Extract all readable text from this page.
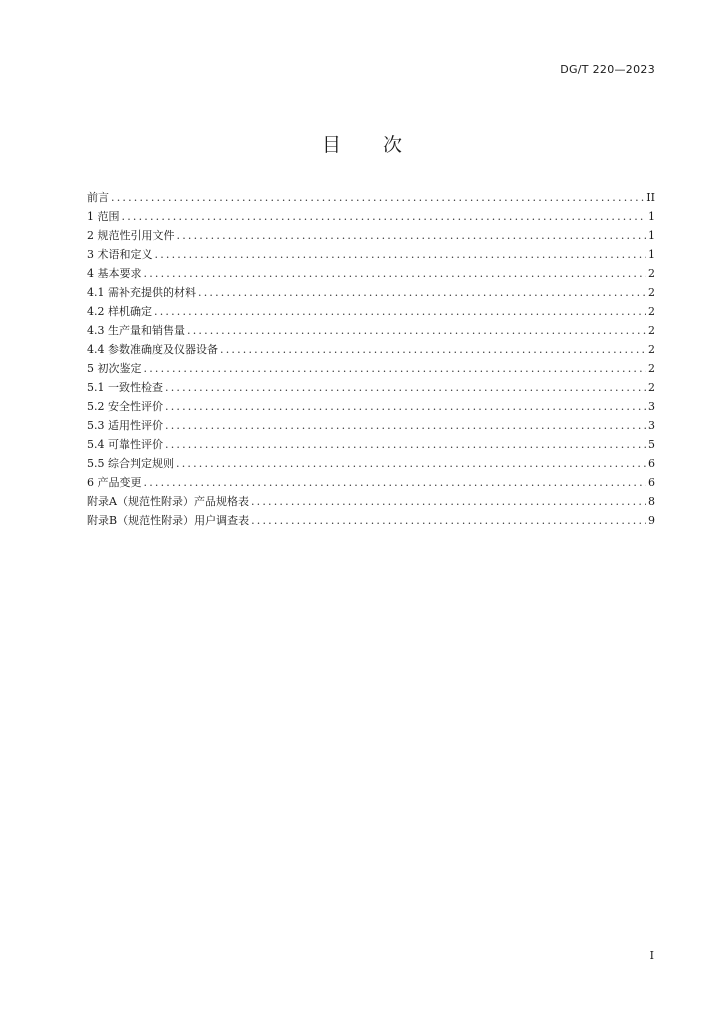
DG/T 220—2023
目 次
前言 .....	II
1 范围 .....	1
2 规范性引用文件 .....	1
3 术语和定义 .....	1
4 基本要求 .....	2
4.1 需补充提供的材料 .....	2
4.2 样机确定 .....	2
4.3 生产量和销售量 .....	2
4.4 参数准确度及仪器设备 .....	2
5 初次鉴定 .....	2
5.1 一致性检查 .....	2
5.2 安全性评价 .....	3
5.3 适用性评价 .....	3
5.4 可靠性评价 .....	5
5.5 综合判定规则 .....	6
6 产品变更 .....	6
附录A（规范性附录）产品规格表 .....	8
附录B（规范性附录）用户调查表 .....	9
I
